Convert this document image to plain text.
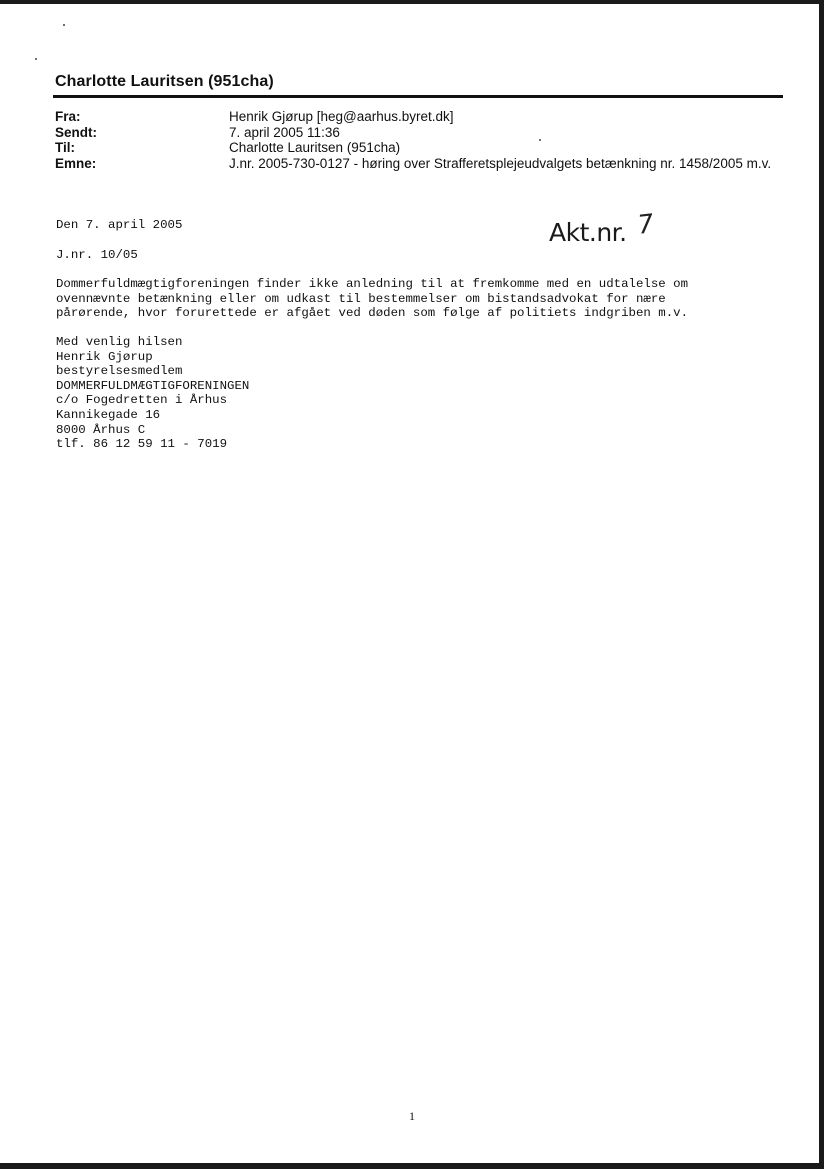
Charlotte Lauritsen (951cha)
Fra:	Henrik Gjørup [heg@aarhus.byret.dk]
Sendt:	7. april 2005 11:36
Til:	Charlotte Lauritsen (951cha)
Emne:	J.nr. 2005-730-0127 - høring over Strafferetsplejeudvalgets betænkning nr. 1458/2005 m.v.
Den 7. april 2005
J.nr. 10/05
Akt.nr. 7
Dommerfuldmægtigforeningen finder ikke anledning til at fremkomme med en udtalelse om
ovennævnte betænkning eller om udkast til bestemmelser om bistandsadvokat for nære
pårørende, hvor forurettede er afgået ved døden som følge af politiets indgriben m.v.
Med venlig hilsen
Henrik Gjørup
bestyrelsesmedlem
DOMMERFULDMÆGTIGFORENINGEN
c/o Fogedretten i Århus
Kannikegade 16
8000 Århus C
tlf. 86 12 59 11 - 7019
1
